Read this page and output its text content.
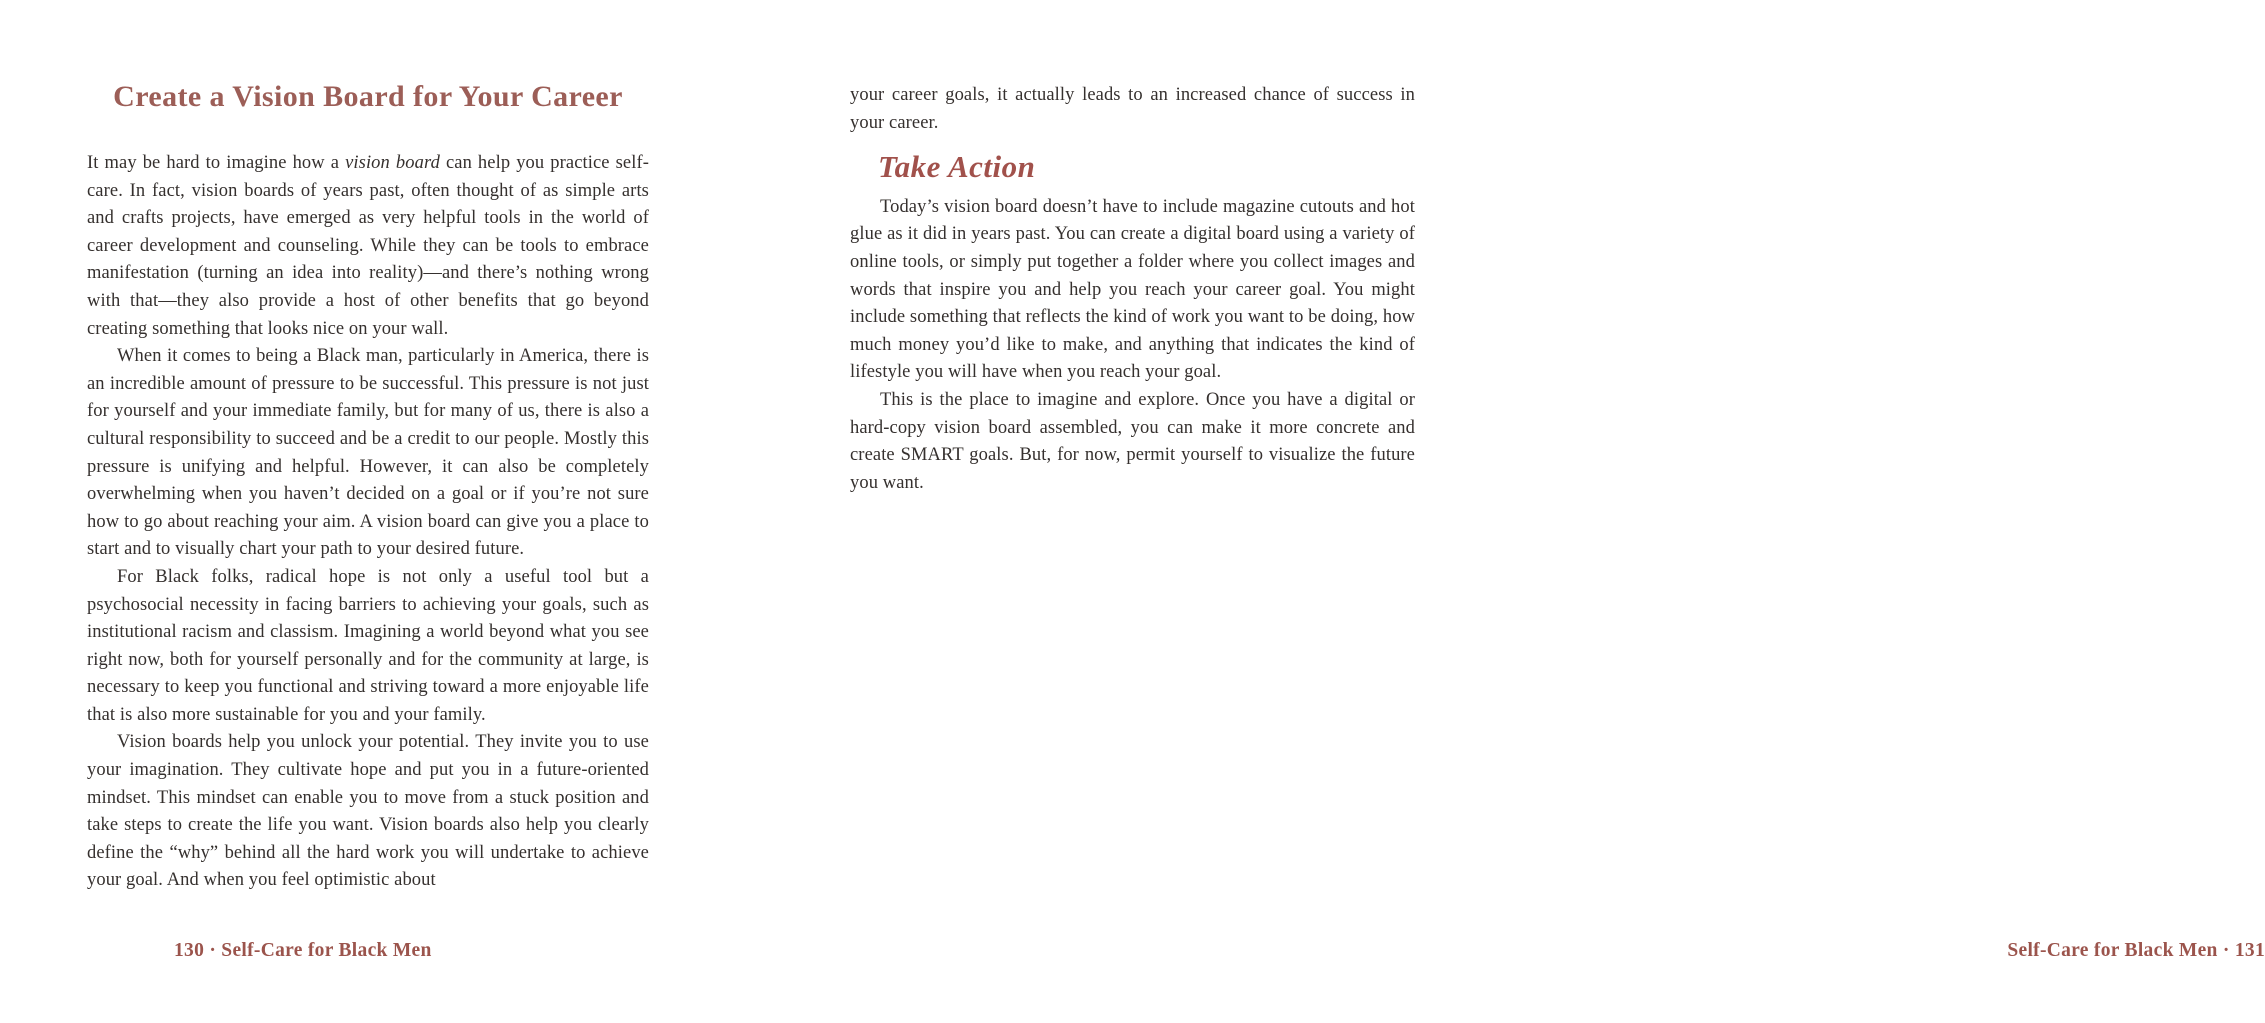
Create a Vision Board for Your Career

It may be hard to imagine how a vision board can help you practice self-care. In fact, vision boards of years past, often thought of as simple arts and crafts projects, have emerged as very helpful tools in the world of career development and counseling. While they can be tools to embrace manifestation (turning an idea into reality)—and there’s nothing wrong with that—they also provide a host of other benefits that go beyond creating something that looks nice on your wall.

When it comes to being a Black man, particularly in America, there is an incredible amount of pressure to be successful. This pressure is not just for yourself and your immediate family, but for many of us, there is also a cultural responsibility to succeed and be a credit to our people. Mostly this pressure is unifying and helpful. However, it can also be completely overwhelming when you haven’t decided on a goal or if you’re not sure how to go about reaching your aim. A vision board can give you a place to start and to visually chart your path to your desired future.

For Black folks, radical hope is not only a useful tool but a psychosocial necessity in facing barriers to achieving your goals, such as institutional racism and classism. Imagining a world beyond what you see right now, both for yourself personally and for the community at large, is necessary to keep you functional and striving toward a more enjoyable life that is also more sustainable for you and your family.

Vision boards help you unlock your potential. They invite you to use your imagination. They cultivate hope and put you in a future-oriented mindset. This mindset can enable you to move from a stuck position and take steps to create the life you want. Vision boards also help you clearly define the “why” behind all the hard work you will undertake to achieve your goal. And when you feel optimistic about

130 · Self-Care for Black Men

your career goals, it actually leads to an increased chance of success in your career.

Take Action

Today’s vision board doesn’t have to include magazine cutouts and hot glue as it did in years past. You can create a digital board using a variety of online tools, or simply put together a folder where you collect images and words that inspire you and help you reach your career goal. You might include something that reflects the kind of work you want to be doing, how much money you’d like to make, and anything that indicates the kind of lifestyle you will have when you reach your goal.

This is the place to imagine and explore. Once you have a digital or hard-copy vision board assembled, you can make it more concrete and create SMART goals. But, for now, permit yourself to visualize the future you want.

Self-Care for Black Men · 131
